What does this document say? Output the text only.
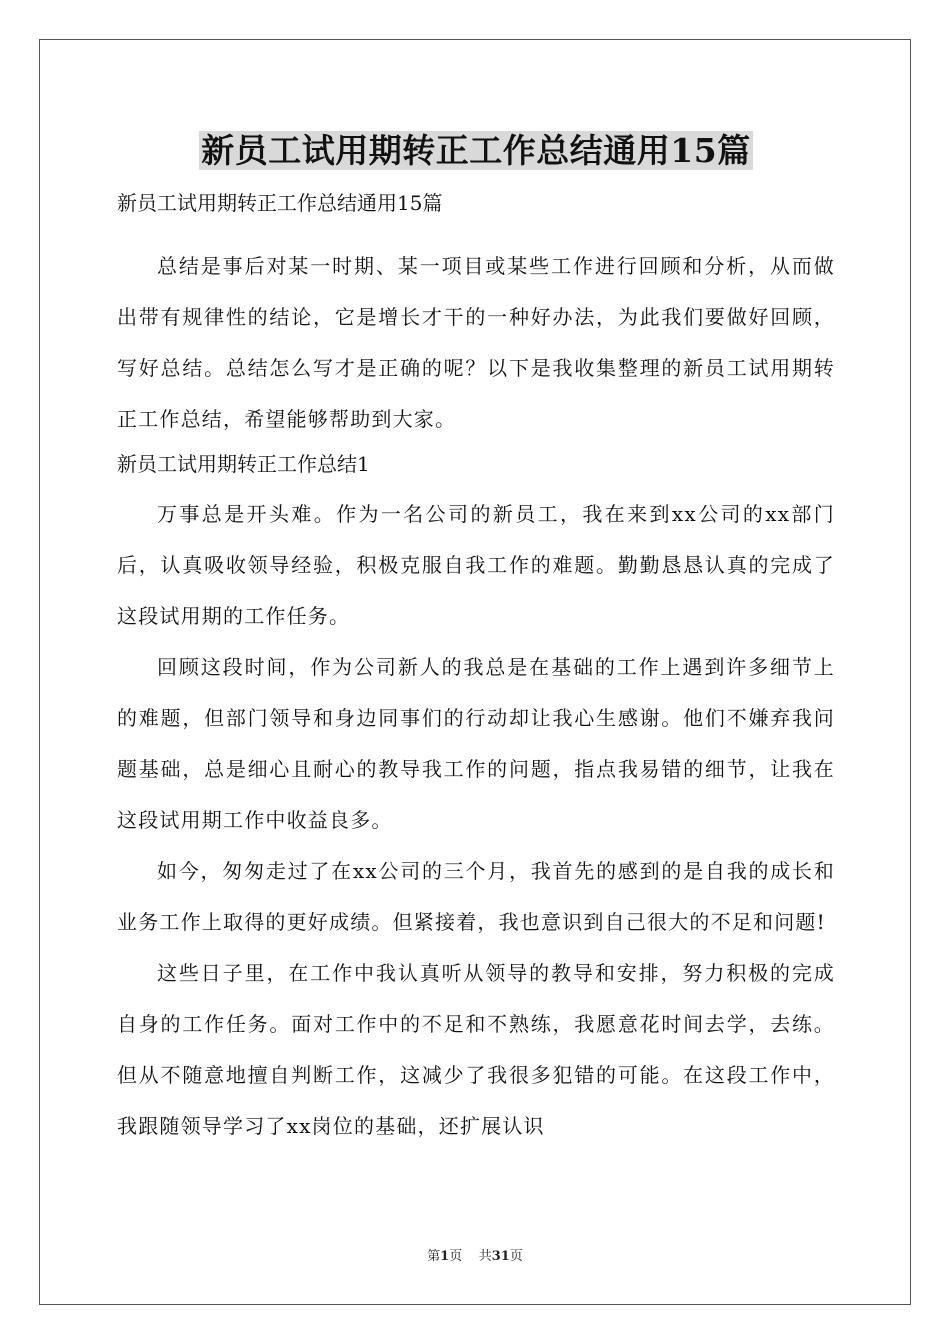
新员工试用期转正工作总结通用15篇

新员工试用期转正工作总结通用15篇

总结是事后对某一时期、某一项目或某些工作进行回顾和分析，从而做出带有规律性的结论，它是增长才干的一种好办法，为此我们要做好回顾，写好总结。总结怎么写才是正确的呢？以下是我收集整理的新员工试用期转正工作总结，希望能够帮助到大家。

新员工试用期转正工作总结1

万事总是开头难。作为一名公司的新员工，我在来到xx公司的xx部门后，认真吸收领导经验，积极克服自我工作的难题。勤勤恳恳认真的完成了这段试用期的工作任务。

回顾这段时间，作为公司新人的我总是在基础的工作上遇到许多细节上的难题，但部门领导和身边同事们的行动却让我心生感谢。他们不嫌弃我问题基础，总是细心且耐心的教导我工作的问题，指点我易错的细节，让我在这段试用期工作中收益良多。

如今，匆匆走过了在xx公司的三个月，我首先的感到的是自我的成长和业务工作上取得的更好成绩。但紧接着，我也意识到自己很大的不足和问题!

这些日子里，在工作中我认真听从领导的教导和安排，努力积极的完成自身的工作任务。面对工作中的不足和不熟练，我愿意花时间去学，去练。但从不随意地擅自判断工作，这减少了我很多犯错的可能。在这段工作中，我跟随领导学习了xx岗位的基础，还扩展认识

第1页 共31页
